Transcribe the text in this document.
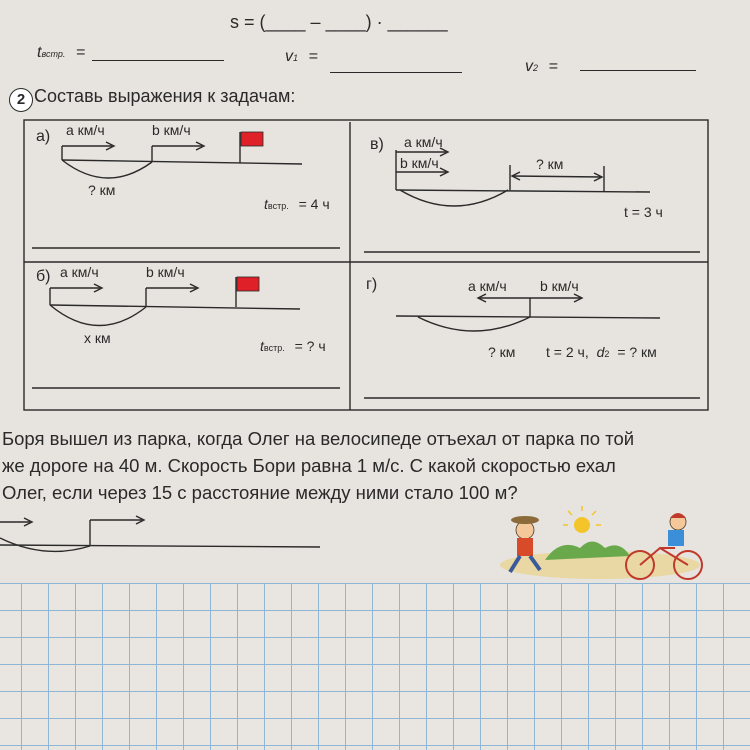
s = (____ – ____) · ______
tвстр. =	v1 =
v2 =
2 Составь выражения к задачам:
а) a км/ч	b км/ч
? км
tвстр. = 4 ч
б) a км/ч	b км/ч
x км	tвстр. = ? ч
в) a км/ч
b км/ч	? км
t = 3 ч
г)	a км/ч b км/ч
? км t = 2 ч, d2 = ? км
Боря вышел из парка, когда Олег на велосипеде отъехал от парка по той
же дороге на 40 м. Скорость Бори равна 1 м/с. С какой скоростью ехал
Олег, если через 15 с расстояние между ними стало 100 м?
